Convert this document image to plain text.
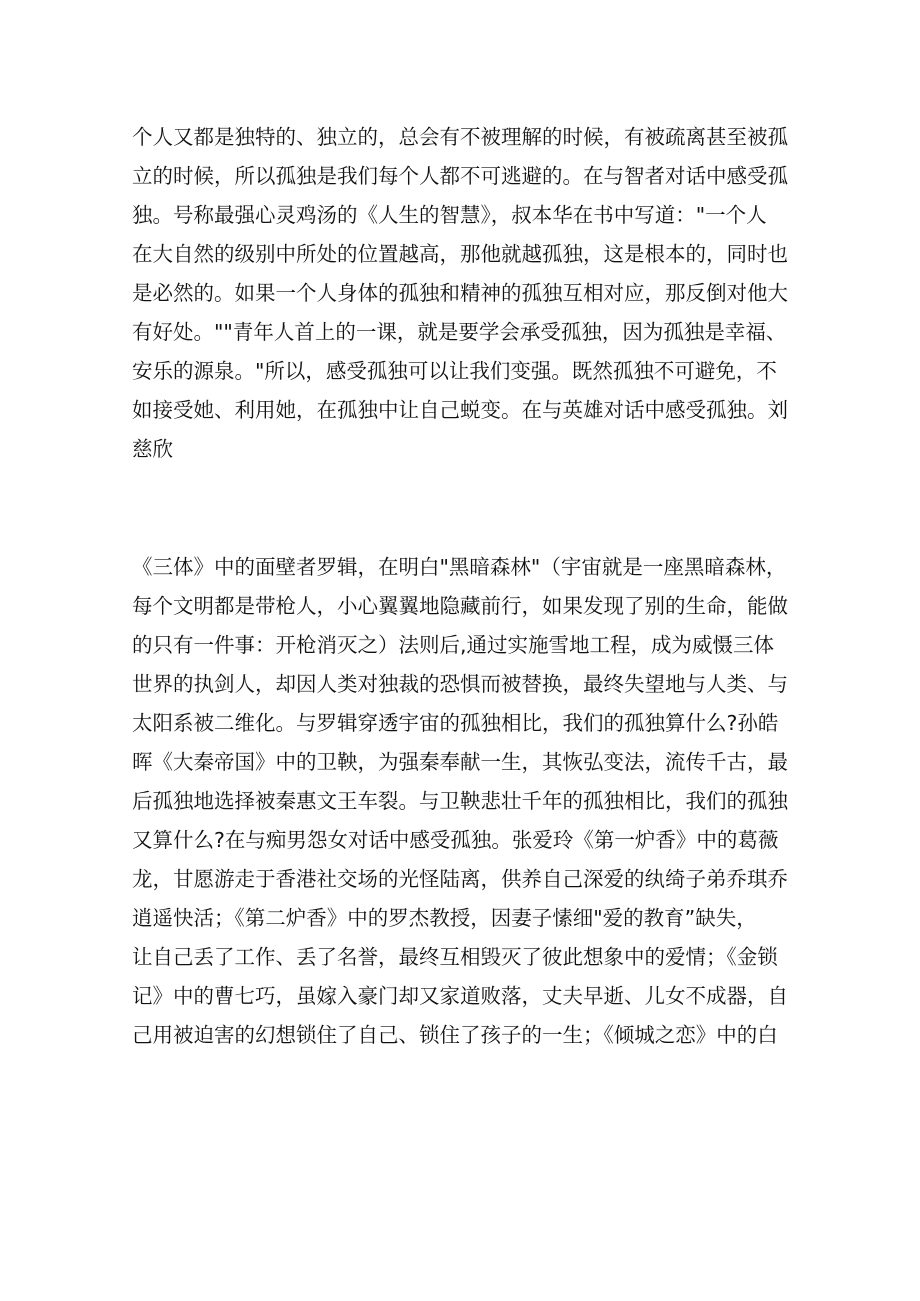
个人又都是独特的、独立的，总会有不被理解的时候，有被疏离甚至被孤
立的时候，所以孤独是我们每个人都不可逃避的。在与智者对话中感受孤
独。号称最强心灵鸡汤的《人生的智慧》，叔本华在书中写道："一个人
在大自然的级别中所处的位置越高，那他就越孤独，这是根本的，同时也
是必然的。如果一个人身体的孤独和精神的孤独互相对应，那反倒对他大
有好处。""青年人首上的一课，就是要学会承受孤独，因为孤独是幸福、
安乐的源泉。"所以，感受孤独可以让我们变强。既然孤独不可避免，不
如接受她、利用她，在孤独中让自己蜕变。在与英雄对话中感受孤独。刘
慈欣
《三体》中的面壁者罗辑，在明白"黑暗森林"（宇宙就是一座黑暗森林，
每个文明都是带枪人，小心翼翼地隐藏前行，如果发现了别的生命，能做
的只有一件事：开枪消灭之）法则后,通过实施雪地工程，成为威慑三体
世界的执剑人，却因人类对独裁的恐惧而被替换，最终失望地与人类、与
太阳系被二维化。与罗辑穿透宇宙的孤独相比，我们的孤独算什么?孙皓
晖《大秦帝国》中的卫鞅，为强秦奉献一生，其恢弘变法，流传千古，最
后孤独地选择被秦惠文王车裂。与卫鞅悲壮千年的孤独相比，我们的孤独
又算什么?在与痴男怨女对话中感受孤独。张爱玲《第一炉香》中的葛薇
龙，甘愿游走于香港社交场的光怪陆离，供养自己深爱的纨绮子弟乔琪乔
逍遥快活；《第二炉香》中的罗杰教授，因妻子愫细"爱的教育”缺失，
让自己丢了工作、丢了名誉，最终互相毁灭了彼此想象中的爱情；《金锁
记》中的曹七巧，虽嫁入豪门却又家道败落，丈夫早逝、儿女不成器，自
己用被迫害的幻想锁住了自己、锁住了孩子的一生；《倾城之恋》中的白
